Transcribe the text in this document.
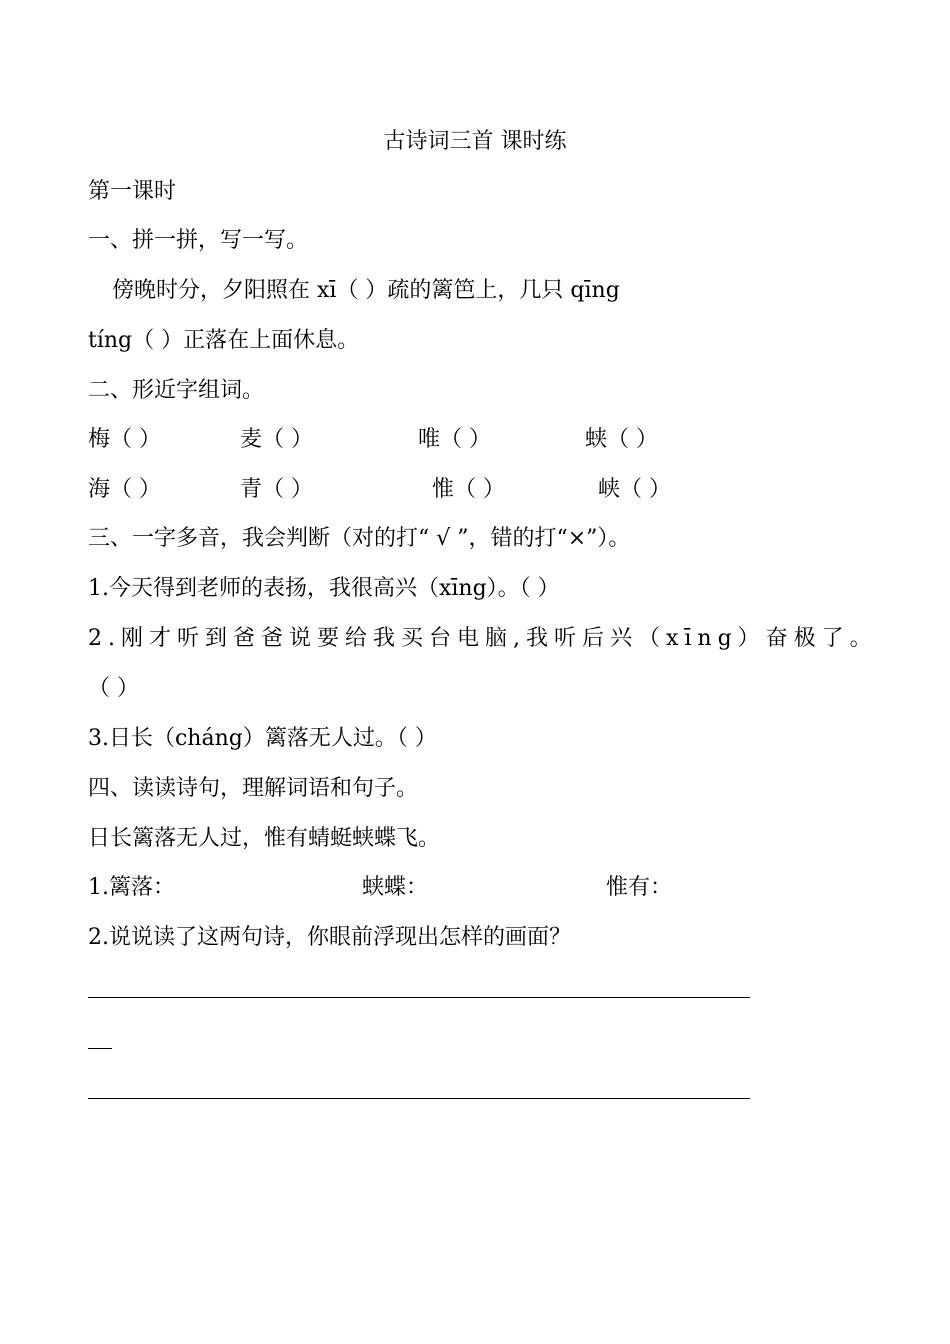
古诗词三首 课时练
第一课时
一、拼一拼，写一写。
傍晚时分，夕阳照在 xī（ ）疏的篱笆上，几只 qīng
tíng（ ）正落在上面休息。
二、形近字组词。
梅（ ）	麦（ ）	唯（ ）	蛱（ ）
海（ ）	青（ ）	惟（ ）	峡（ ）
三、一字多音，我会判断（对的打“ √ ”，错的打“×”）。
1.今天得到老师的表扬，我很高兴（xīng）。（ ）
2.刚才听到爸爸说要给我买台电脑,我听后兴（xīng）奋极了。
（ ）
3.日长（cháng）篱落无人过。（ ）
四、读读诗句，理解词语和句子。
日长篱落无人过，惟有蜻蜓蛱蝶飞。
1.篱落：	蛱蝶：	惟有：
2.说说读了这两句诗，你眼前浮现出怎样的画面？
